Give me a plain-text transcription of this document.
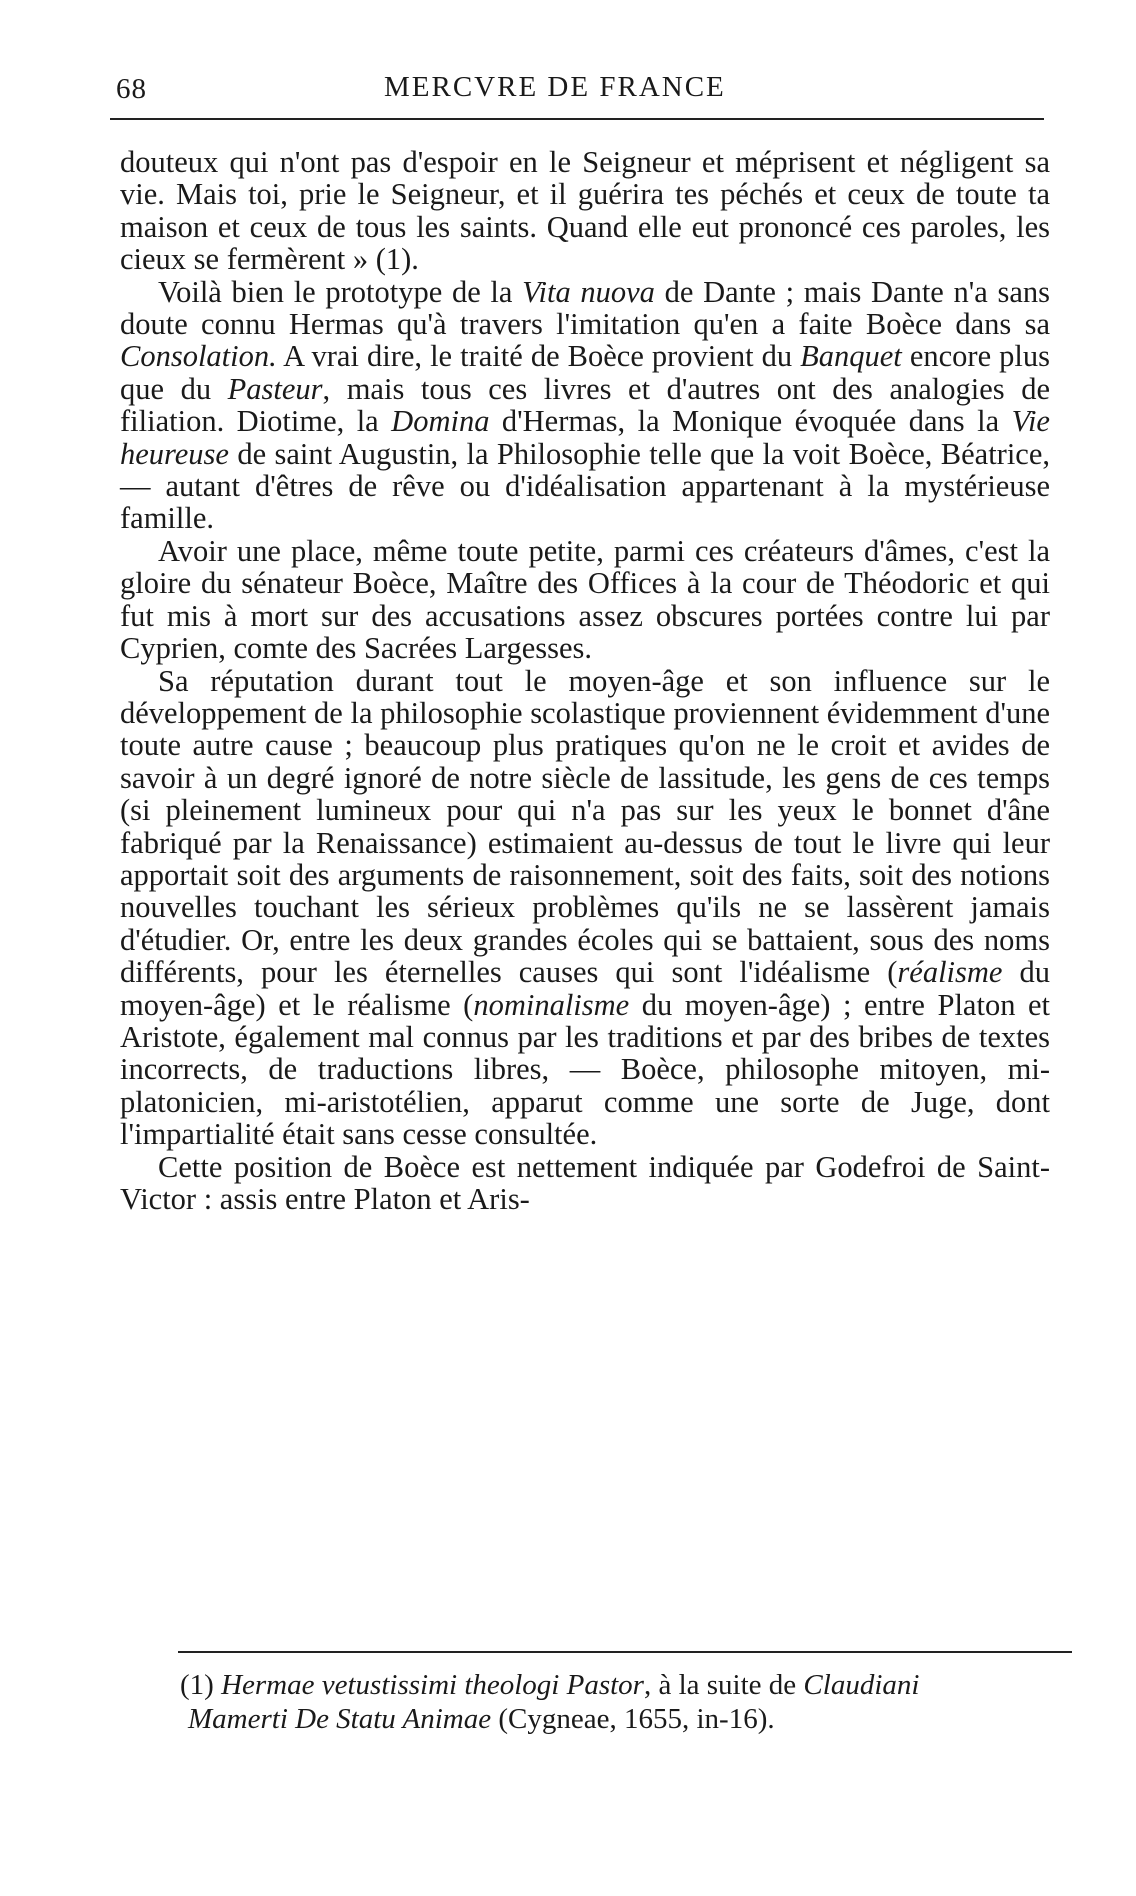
68	MERCVRE DE FRANCE

douteux qui n'ont pas d'espoir en le Seigneur et méprisent et négligent sa vie. Mais toi, prie le Seigneur, et il guérira tes péchés et ceux de toute ta maison et ceux de tous les saints. Quand elle eut prononcé ces paroles, les cieux se fermèrent » (1).

Voilà bien le prototype de la Vita nuova de Dante ; mais Dante n'a sans doute connu Hermas qu'à travers l'imitation qu'en a faite Boèce dans sa Consolation. A vrai dire, le traité de Boèce provient du Banquet encore plus que du Pasteur, mais tous ces livres et d'autres ont des analogies de filiation. Diotime, la Domina d'Hermas, la Monique évoquée dans la Vie heureuse de saint Augustin, la Philosophie telle que la voit Boèce, Béatrice, — autant d'êtres de rêve ou d'idéalisation appartenant à la mystérieuse famille.

Avoir une place, même toute petite, parmi ces créateurs d'âmes, c'est la gloire du sénateur Boèce, Maître des Offices à la cour de Théodoric et qui fut mis à mort sur des accusations assez obscures portées contre lui par Cyprien, comte des Sacrées Largesses.

Sa réputation durant tout le moyen-âge et son influence sur le développement de la philosophie scolastique proviennent évidemment d'une toute autre cause ; beaucoup plus pratiques qu'on ne le croit et avides de savoir à un degré ignoré de notre siècle de lassitude, les gens de ces temps (si pleinement lumineux pour qui n'a pas sur les yeux le bonnet d'âne fabriqué par la Renaissance) estimaient au-dessus de tout le livre qui leur apportait soit des arguments de raisonnement, soit des faits, soit des notions nouvelles touchant les sérieux problèmes qu'ils ne se lassèrent jamais d'étudier. Or, entre les deux grandes écoles qui se battaient, sous des noms différents, pour les éternelles causes qui sont l'idéalisme (réalisme du moyen-âge) et le réalisme (nominalisme du moyen-âge) ; entre Platon et Aristote, également mal connus par les traditions et par des bribes de textes incorrects, de traductions libres, — Boèce, philosophe mitoyen, mi-platonicien, mi-aristotélien, apparut comme une sorte de Juge, dont l'impartialité était sans cesse consultée.

Cette position de Boèce est nettement indiquée par Godefroi de Saint-Victor : assis entre Platon et Aris-

(1) Hermae vetustissimi theologi Pastor, à la suite de Claudiani

Mamerti De Statu Animae (Cygneae, 1655, in-16).
